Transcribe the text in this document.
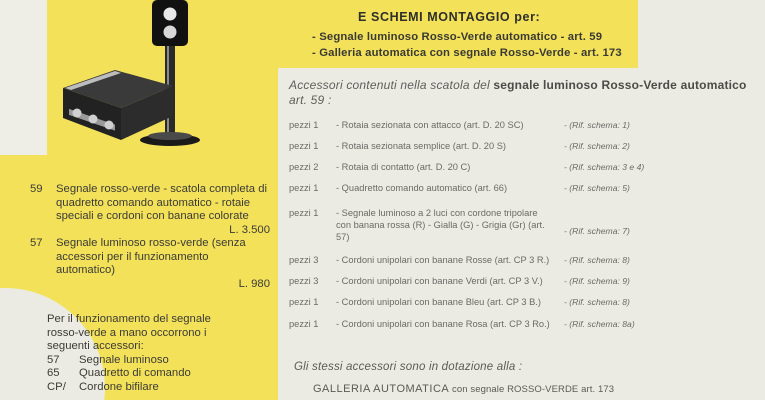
59 Segnale rosso-verde - scatola completa di quadretto comando automatico - rotaie speciali e cordoni con banane colorate
L. 3.500
57 Segnale luminoso rosso-verde (senza accessori per il funzionamento automatico)
L. 980
Per il funzionamento del segnale rosso-verde a mano occorrono i seguenti accessori:
57 Segnale luminoso

65 Quadretto di comando

CP/ Cordone bifilare

E SCHEMI MONTAGGIO per:
- Segnale luminoso Rosso-Verde automatico - art. 59
- Galleria automatica con segnale Rosso-Verde - art. 173
Accessori contenuti nella scatola del segnale luminoso Rosso-Verde automatico art. 59 :
pezzi 1 - Rotaia sezionata con attacco (art. D. 20 SC)	- (Rif. schema: 1)
pezzi 1 - Rotaia sezionata semplice (art. D. 20 S)	- (Rif. schema: 2)
pezzi 2 - Rotaia di contatto (art. D. 20 C)	- (Rif. schema: 3 e 4)
pezzi 1 - Quadretto comando automatico (art. 66)	- (Rif. schema: 5)
pezzi 1 - Segnale luminoso a 2 luci con cordone tripolare con banana rossa (R) - Gialla (G) - Grigia (Gr) (art. 57)
- (Rif. schema: 7)
pezzi 3 - Cordoni unipolari con banane Rosse (art. CP 3 R.) - (Rif. schema: 8)
pezzi 3 - Cordoni unipolari con banane Verdi (art. CP 3 V.) - (Rif. schema: 9)
pezzi 1 - Cordoni unipolari con banane Bleu (art. CP 3 B.)	- (Rif. schema: 8)
pezzi 1 - Cordoni unipolari con banane Rosa (art. CP 3 Ro.) - (Rif. schema: 8a)
Gli stessi accessori sono in dotazione alla :
GALLERIA AUTOMATICA con segnale ROSSO-VERDE art. 173
